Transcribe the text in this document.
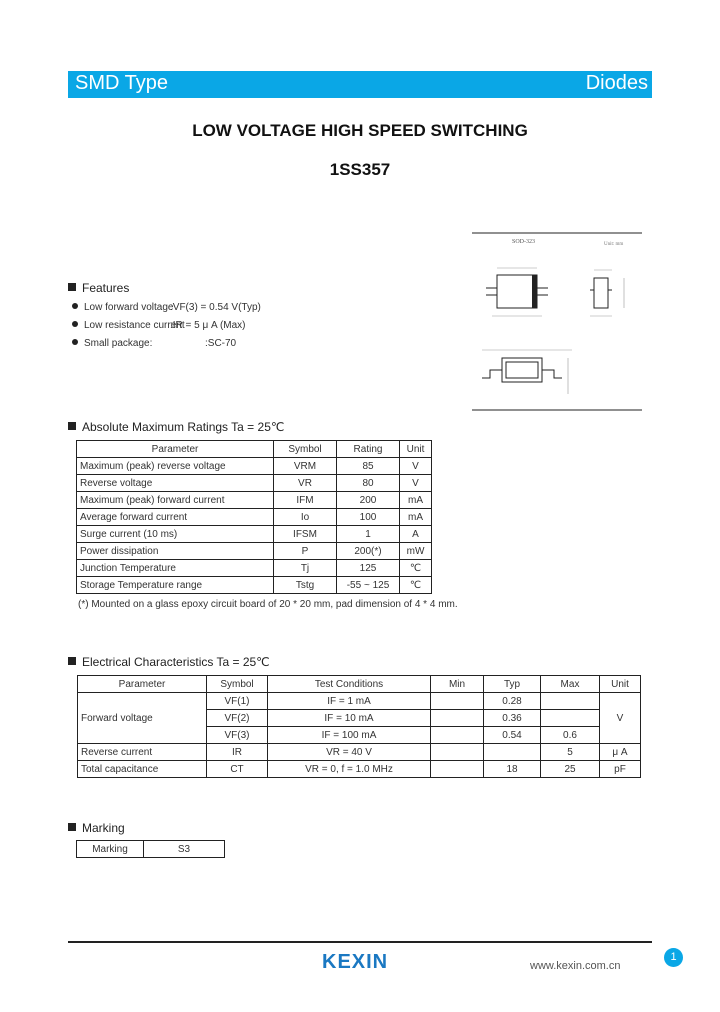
SMD Type	Diodes
LOW VOLTAGE HIGH SPEED SWITCHING
1SS357
SOD-323	Unit: mm
Features
Low forward voltage
:VF(3) = 0.54 V(Typ)
Low resistance current
:IR = 5 μ A (Max)
Small package:	:SC-70
Absolute Maximum Ratings Ta = 25℃
Parameter	Symbol	Rating	Unit
Maximum (peak) reverse voltage	VRM	85	V
Reverse voltage	VR	80	V
Maximum (peak) forward current	IFM	200	mA
Average forward current	Io	100	mA
Surge current (10 ms)	IFSM	1	A
Power dissipation	P	200(*)	mW
Junction Temperature	Tj	125	℃
Storage Temperature range	Tstg	-55 ~ 125	℃
(*) Mounted on a glass epoxy circuit board of 20 * 20 mm, pad dimension of 4 * 4 mm.
Electrical Characteristics Ta = 25℃
Parameter	Symbol	Test Conditions	Min	Typ	Max	Unit
Forward voltage	VF(1)	IF = 1 mA		0.28		V
	VF(2)	IF = 10 mA		0.36		
	VF(3)	IF = 100 mA		0.54	0.6	
Reverse current	IR	VR = 40 V			5	μ A
Total capacitance	CT	VR = 0, f = 1.0 MHz		18	25	pF
Marking
Marking	S3
KEXIN	www.kexin.com.cn
1
